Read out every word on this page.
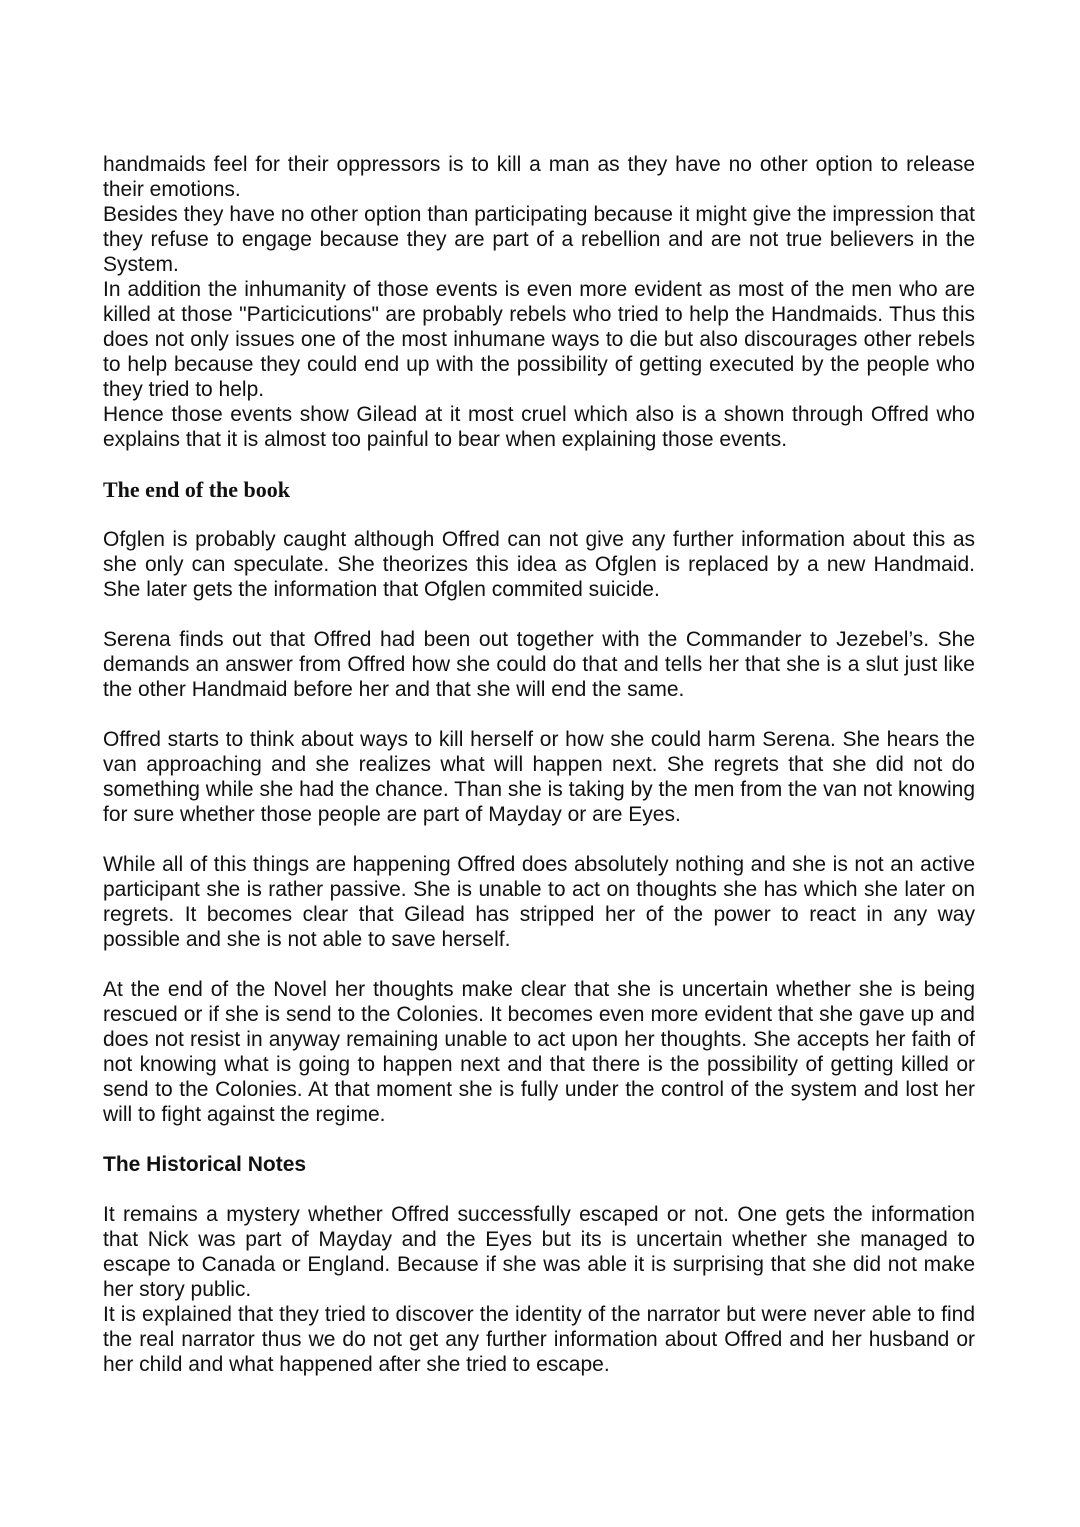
handmaids feel for their oppressors is to kill a man as they have no other option to release their emotions.

Besides they have no other option than participating because it might give the impression that they refuse to engage because they are part of a rebellion and are not true believers in the System.

In addition the inhumanity of those events is even more evident as most of the men who are killed at those "Particicutions" are probably rebels who tried to help the Handmaids. Thus this does not only issues one of the most inhumane ways to die but also discourages other rebels to help because they could end up with the possibility of getting executed by the people who they tried to help.

Hence those events show Gilead at it most cruel which also is a shown through Offred who explains that it is almost too painful to bear when explaining those events.

The end of the book

Ofglen is probably caught although Offred can not give any further information about this as she only can speculate. She theorizes this idea as Ofglen is replaced by a new Handmaid. She later gets the information that Ofglen commited suicide.

Serena finds out that Offred had been out together with the Commander to Jezebel’s. She demands an answer from Offred how she could do that and tells her that she is a slut just like the other Handmaid before her and that she will end the same.

Offred starts to think about ways to kill herself or how she could harm Serena. She hears the van approaching and she realizes what will happen next. She regrets that she did not do something while she had the chance. Than she is taking by the men from the van not knowing for sure whether those people are part of Mayday or are Eyes.

While all of this things are happening Offred does absolutely nothing and she is not an active participant she is rather passive. She is unable to act on thoughts she has which she later on regrets. It becomes clear that Gilead has stripped her of the power to react in any way possible and she is not able to save herself.

At the end of the Novel her thoughts make clear that she is uncertain whether she is being rescued or if she is send to the Colonies. It becomes even more evident that she gave up and does not resist in anyway remaining unable to act upon her thoughts. She accepts her faith of not knowing what is going to happen next and that there is the possibility of getting killed or send to the Colonies. At that moment she is fully under the control of the system and lost her will to fight against the regime.

The Historical Notes

It remains a mystery whether Offred successfully escaped or not. One gets the information that Nick was part of Mayday and the Eyes but its is uncertain whether she managed to escape to Canada or England. Because if she was able it is surprising that she did not make her story public.

It is explained that they tried to discover the identity of the narrator but were never able to find the real narrator thus we do not get any further information about Offred and her husband or her child and what happened after she tried to escape.
